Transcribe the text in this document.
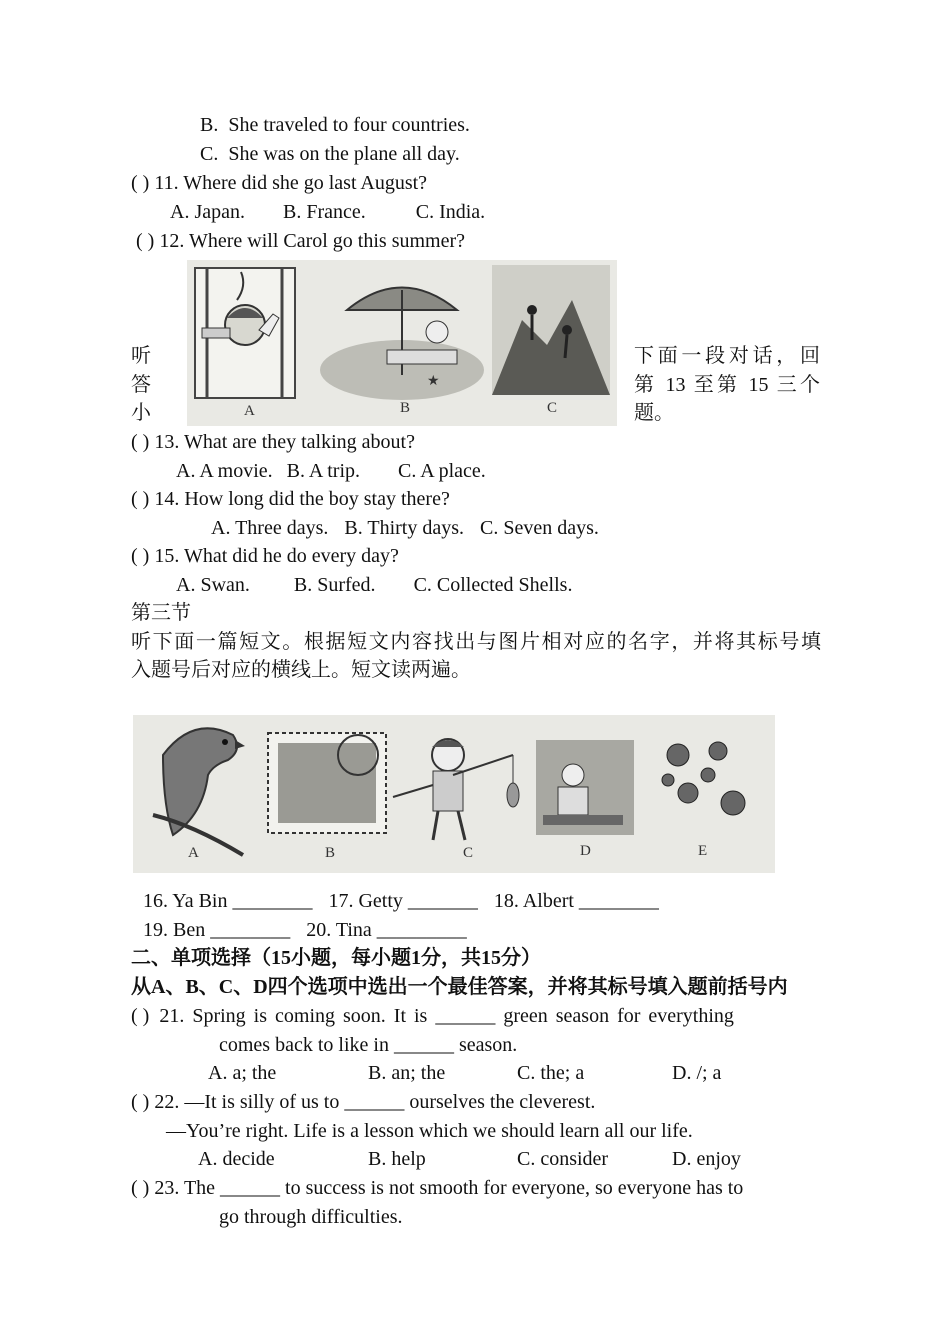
B. She traveled to four countries.
C. She was on the plane all day.
( ) 11. Where did she go last August?
A. Japan. B. France.	C. India.
( ) 12. Where will Carol go this summer?
★
A	B	C
听
答
小
下面一段对话，回
第 13 至第 15 三个
题。
( ) 13. What are they talking about?
A. A movie. B. A trip. C. A place.
( ) 14. How long did the boy stay there?
A. Three days. B. Thirty days. C. Seven days.
( ) 15. What did he do every day?
A. Swan. B. Surfed. C. Collected Shells.
第三节
听下面一篇短文。根据短文内容找出与图片相对应的名字，并将其标号填
入题号后对应的横线上。短文读两遍。
A	B	C	D	E
16. Ya Bin ________ 17. Getty _______ 18. Albert ________
19. Ben ________ 20. Tina _________
二、单项选择（15小题，每小题1分，共15分）
从A、B、C、D四个选项中选出一个最佳答案，并将其标号填入题前括号内
( ) 21. Spring is coming soon. It is ______ green season for everything
comes back to like in ______ season.
A. a; the	B. an; the	C. the; a	D. /; a
( ) 22. —It is silly of us to ______ ourselves the cleverest.
—You’re right. Life is a lesson which we should learn all our life.
A. decide	B. help	C. consider	D. enjoy
( ) 23. The ______ to success is not smooth for everyone, so everyone has to
go through difficulties.
